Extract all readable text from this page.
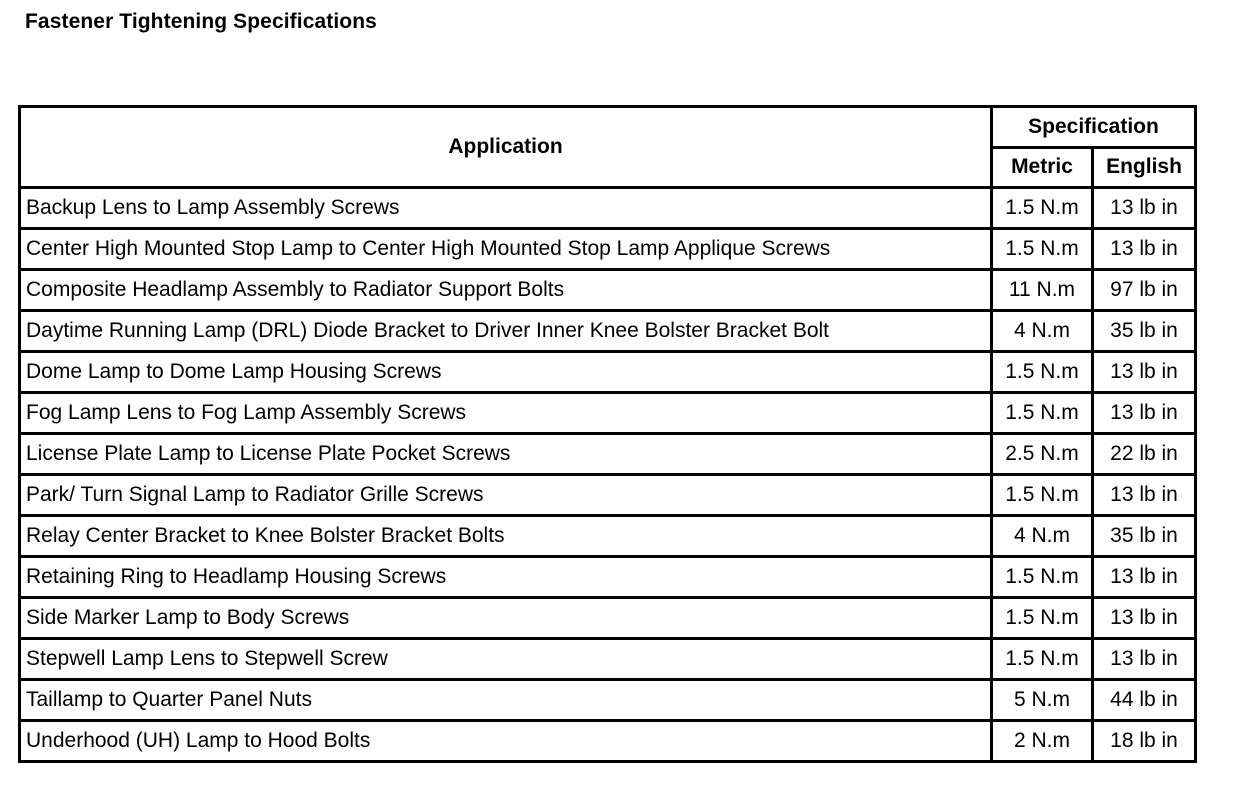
Fastener Tightening Specifications
Application	Specification	
	Metric	English
Backup Lens to Lamp Assembly Screws	1.5 N.m	13 lb in
Center High Mounted Stop Lamp to Center High Mounted Stop Lamp Applique Screws	1.5 N.m	13 lb in
Composite Headlamp Assembly to Radiator Support Bolts	11 N.m	97 lb in
Daytime Running Lamp (DRL) Diode Bracket to Driver Inner Knee Bolster Bracket Bolt	4 N.m	35 lb in
Dome Lamp to Dome Lamp Housing Screws	1.5 N.m	13 lb in
Fog Lamp Lens to Fog Lamp Assembly Screws	1.5 N.m	13 lb in
License Plate Lamp to License Plate Pocket Screws	2.5 N.m	22 lb in
Park/ Turn Signal Lamp to Radiator Grille Screws	1.5 N.m	13 lb in
Relay Center Bracket to Knee Bolster Bracket Bolts	4 N.m	35 lb in
Retaining Ring to Headlamp Housing Screws	1.5 N.m	13 lb in
Side Marker Lamp to Body Screws	1.5 N.m	13 lb in
Stepwell Lamp Lens to Stepwell Screw	1.5 N.m	13 lb in
Taillamp to Quarter Panel Nuts	5 N.m	44 lb in
Underhood (UH) Lamp to Hood Bolts	2 N.m	18 lb in
